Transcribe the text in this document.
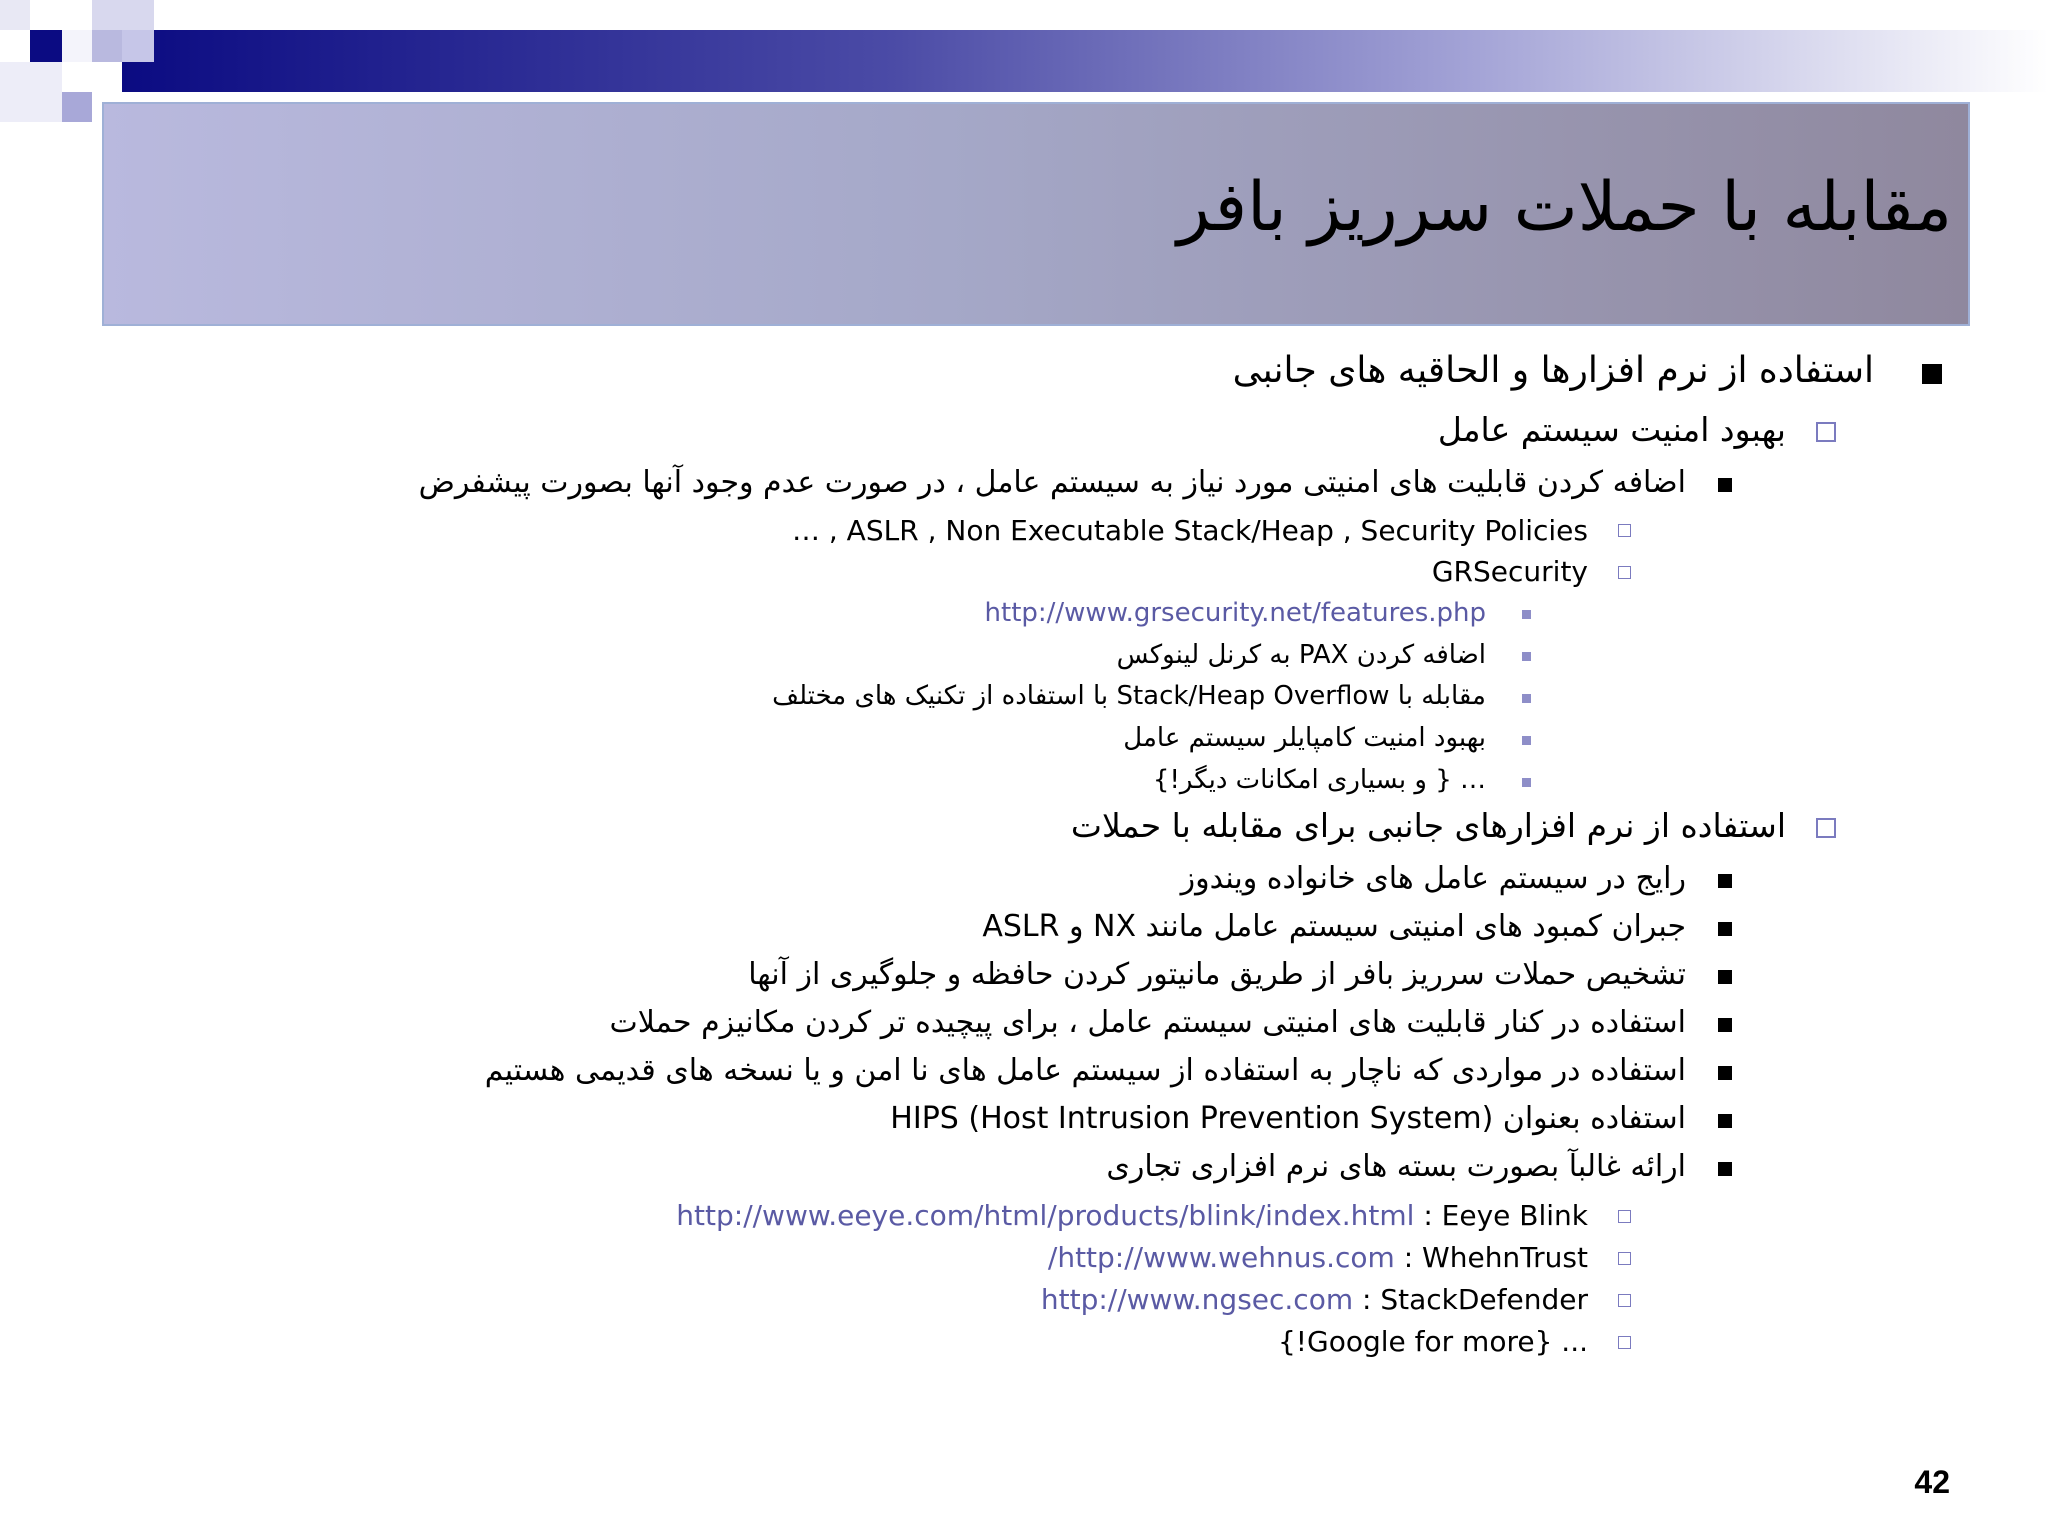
مقابله با حملات سرریز بافر
استفاده از نرم افزارها و الحاقیه های جانبی
بهبود امنیت سیستم عامل
اضافه کردن قابلیت های امنیتی مورد نیاز به سیستم عامل ، در صورت عدم وجود آنها بصورت پیشفرض
… , ASLR , Non Executable Stack/Heap , Security Policies
GRSecurity
http://www.grsecurity.net/features.php
اضافه کردن PAX به کرنل لینوکس
مقابله با Stack/Heap Overflow با استفاده از تکنیک های مختلف
بهبود امنیت کامپایلر سیستم عامل
… { و بسیاری امکانات دیگر!}
استفاده از نرم افزارهای جانبی برای مقابله با حملات
رایج در سیستم عامل های خانواده ویندوز
جبران کمبود های امنیتی سیستم عامل مانند NX و ASLR
تشخیص حملات سرریز بافر از طریق مانیتور کردن حافظه و جلوگیری از آنها
استفاده در کنار قابلیت های امنیتی سیستم عامل ، برای پیچیده تر کردن مکانیزم حملات
استفاده در مواردی که ناچار به استفاده از سیستم عامل های نا امن و یا نسخه های قدیمی هستیم
استفاده بعنوان (HIPS (Host Intrusion Prevention System
ارائه غالبآ بصورت بسته های نرم افزاری تجاری
http://www.eeye.com/html/products/blink/index.html : Eeye Blink
/http://www.wehnus.com : WhehnTrust
http://www.ngsec.com : StackDefender
{!Google for more} ...
42
